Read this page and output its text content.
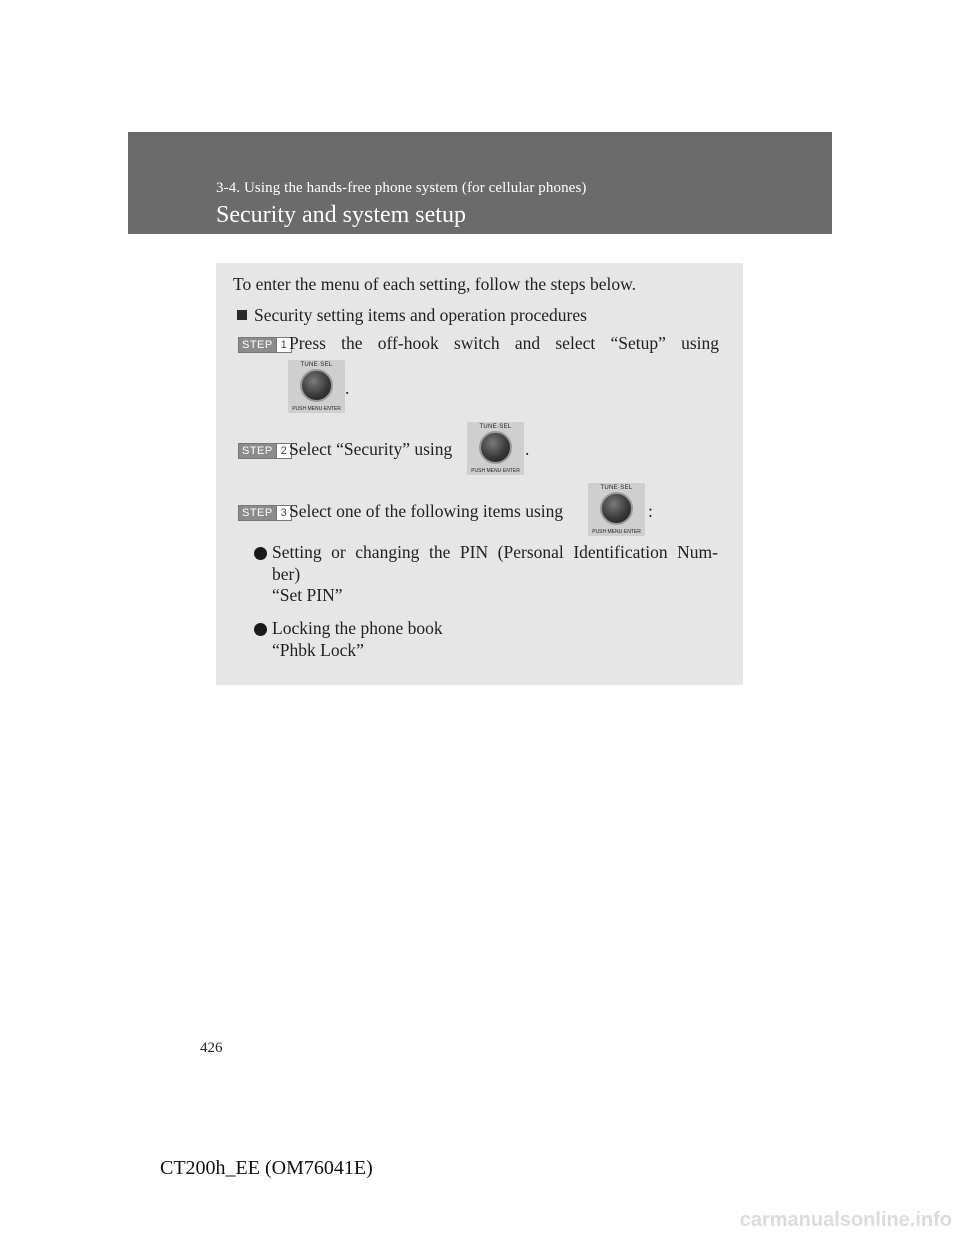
3-4. Using the hands-free phone system (for cellular phones)
Security and system setup
To enter the menu of each setting, follow the steps below.
Security setting items and operation procedures
STEP 1 Press the off-hook switch and select “Setup” using
TUNE·SEL
PUSH MENU·ENTER
.
STEP 2 Select “Security” using
TUNE·SEL
PUSH MENU·ENTER
.
STEP 3 Select one of the following items using
TUNE·SEL
PUSH MENU·ENTER
:
Setting or changing the PIN (Personal Identification Num-
ber)
“Set PIN”
Locking the phone book
“Phbk Lock”
426
CT200h_EE (OM76041E)
carmanualsonline.info
